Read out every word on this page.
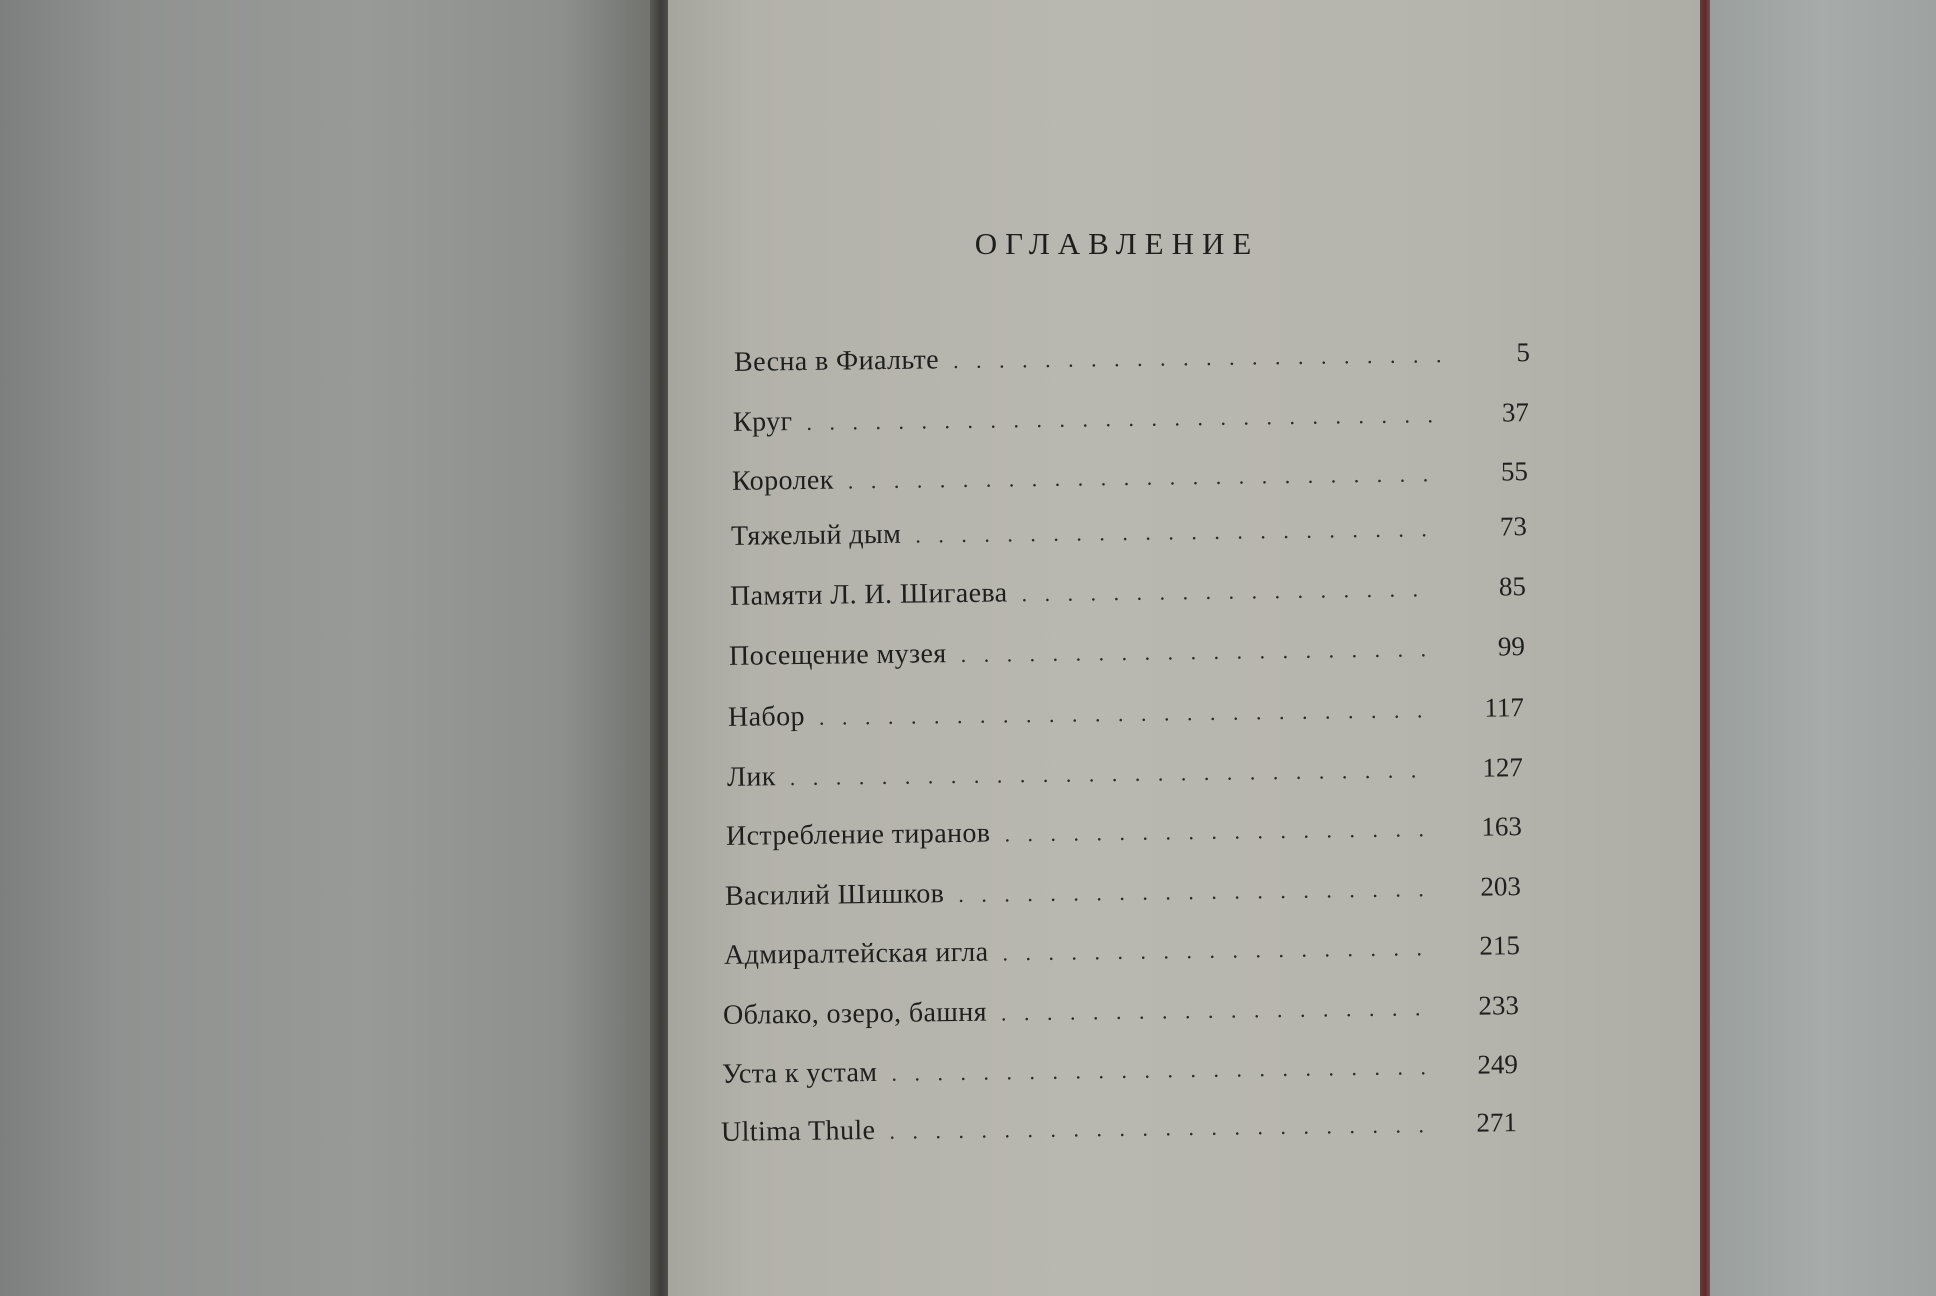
ОГЛАВЛЕНИЕ
Весна в Фиальте . . .	5
Круг . . .	37
Королек . . .	55
Тяжелый дым . . .	73
Памяти Л. И. Шигаева . . .	85
Посещение музея . . .	99
Набор . . .	117
Лик . . .	127
Истребление тиранов . . .	163
Василий Шишков . . .	203
Адмиралтейская игла . . .	215
Облако, озеро, башня . . .	233
Уста к устам . . .	249
Ultima Thule . . .	271
